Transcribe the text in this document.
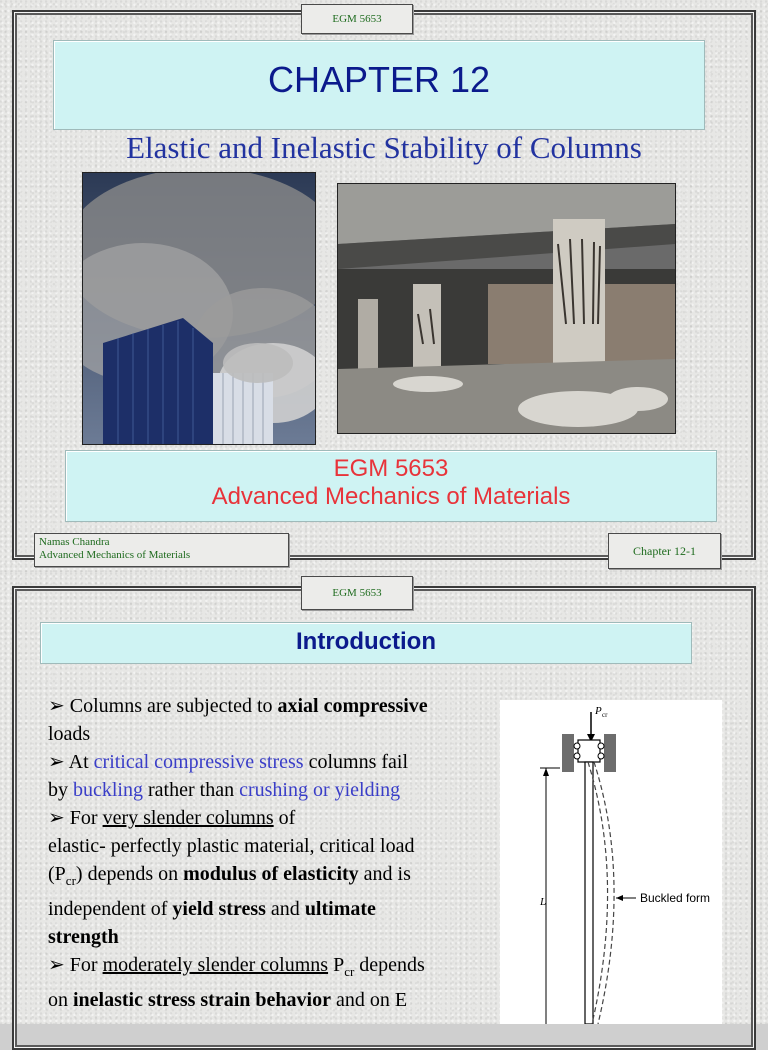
EGM 5653
CHAPTER 12
Elastic and Inelastic Stability of Columns
EGM 5653
Advanced Mechanics of Materials
Namas Chandra
Advanced Mechanics of Materials	Chapter 12-1
EGM 5653
Introduction

➢ Columns are subjected to axial compressive

loads

➢ At critical compressive stress columns fail

by buckling rather than crushing or yielding

➢ For very slender columns of

elastic- perfectly plastic material, critical load

$(P_{cr})$ depends on modulus of elasticity and is

independent of yield stress and ultimate

strength

➢ For moderately slender columns $P_{cr}$ depends

on inelastic stress strain behavior and on E

P cr
L	Buckled form
